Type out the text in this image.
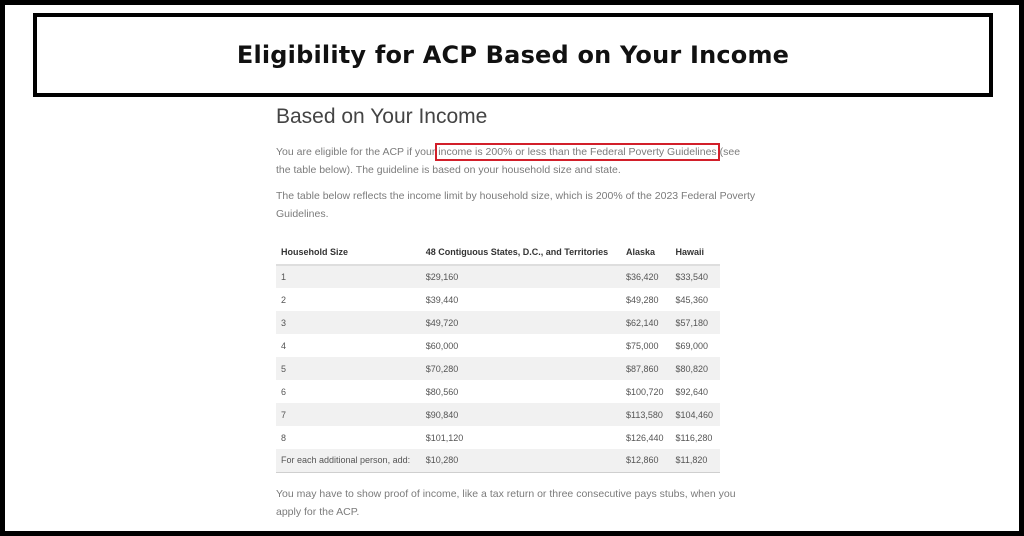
Eligibility for ACP Based on Your Income
Based on Your Income

You are eligible for the ACP if your income is 200% or less than the Federal Poverty Guidelines (see the table below). The guideline is based on your household size and state.

The table below reflects the income limit by household size, which is 200% of the 2023 Federal Poverty Guidelines.

Household Size	48 Contiguous States, D.C., and Territories	Alaska	Hawaii
1	$29,160	$36,420	$33,540
2	$39,440	$49,280	$45,360
3	$49,720	$62,140	$57,180
4	$60,000	$75,000	$69,000
5	$70,280	$87,860	$80,820
6	$80,560	$100,720	$92,640
7	$90,840	$113,580	$104,460
8	$101,120	$126,440	$116,280
For each additional person, add:	$10,280	$12,860	$11,820

You may have to show proof of income, like a tax return or three consecutive pays stubs, when you apply for the ACP.
